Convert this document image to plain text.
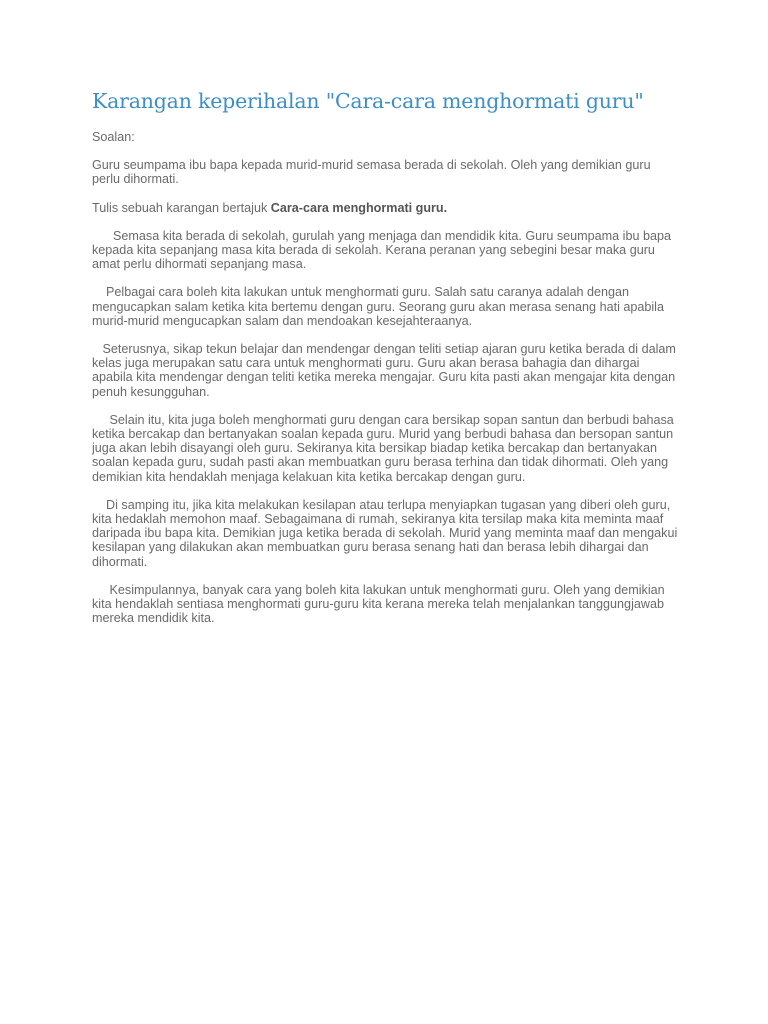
Karangan keperihalan "Cara-cara menghormati guru"

Soalan:

Guru seumpama ibu bapa kepada murid-murid semasa berada di sekolah. Oleh yang demikian guru perlu dihormati.

Tulis sebuah karangan bertajuk Cara-cara menghormati guru.

Semasa kita berada di sekolah, gurulah yang menjaga dan mendidik kita. Guru seumpama ibu bapa kepada kita sepanjang masa kita berada di sekolah. Kerana peranan yang sebegini besar maka guru amat perlu dihormati sepanjang masa.

Pelbagai cara boleh kita lakukan untuk menghormati guru. Salah satu caranya adalah dengan mengucapkan salam ketika kita bertemu dengan guru. Seorang guru akan merasa senang hati apabila murid-murid mengucapkan salam dan mendoakan kesejahteraanya.

Seterusnya, sikap tekun belajar dan mendengar dengan teliti setiap ajaran guru ketika berada di dalam kelas juga merupakan satu cara untuk menghormati guru. Guru akan berasa bahagia dan dihargai apabila kita mendengar dengan teliti ketika mereka mengajar. Guru kita pasti akan mengajar kita dengan penuh kesungguhan.

Selain itu, kita juga boleh menghormati guru dengan cara bersikap sopan santun dan berbudi bahasa ketika bercakap dan bertanyakan soalan kepada guru. Murid yang berbudi bahasa dan bersopan santun juga akan lebih disayangi oleh guru. Sekiranya kita bersikap biadap ketika bercakap dan bertanyakan soalan kepada guru, sudah pasti akan membuatkan guru berasa terhina dan tidak dihormati. Oleh yang demikian kita hendaklah menjaga kelakuan kita ketika bercakap dengan guru.

Di samping itu, jika kita melakukan kesilapan atau terlupa menyiapkan tugasan yang diberi oleh guru, kita hedaklah memohon maaf. Sebagaimana di rumah, sekiranya kita tersilap maka kita meminta maaf daripada ibu bapa kita. Demikian juga ketika berada di sekolah. Murid yang meminta maaf dan mengakui kesilapan yang dilakukan akan membuatkan guru berasa senang hati dan berasa lebih dihargai dan dihormati.

Kesimpulannya, banyak cara yang boleh kita lakukan untuk menghormati guru. Oleh yang demikian kita hendaklah sentiasa menghormati guru-guru kita kerana mereka telah menjalankan tanggungjawab mereka mendidik kita.
